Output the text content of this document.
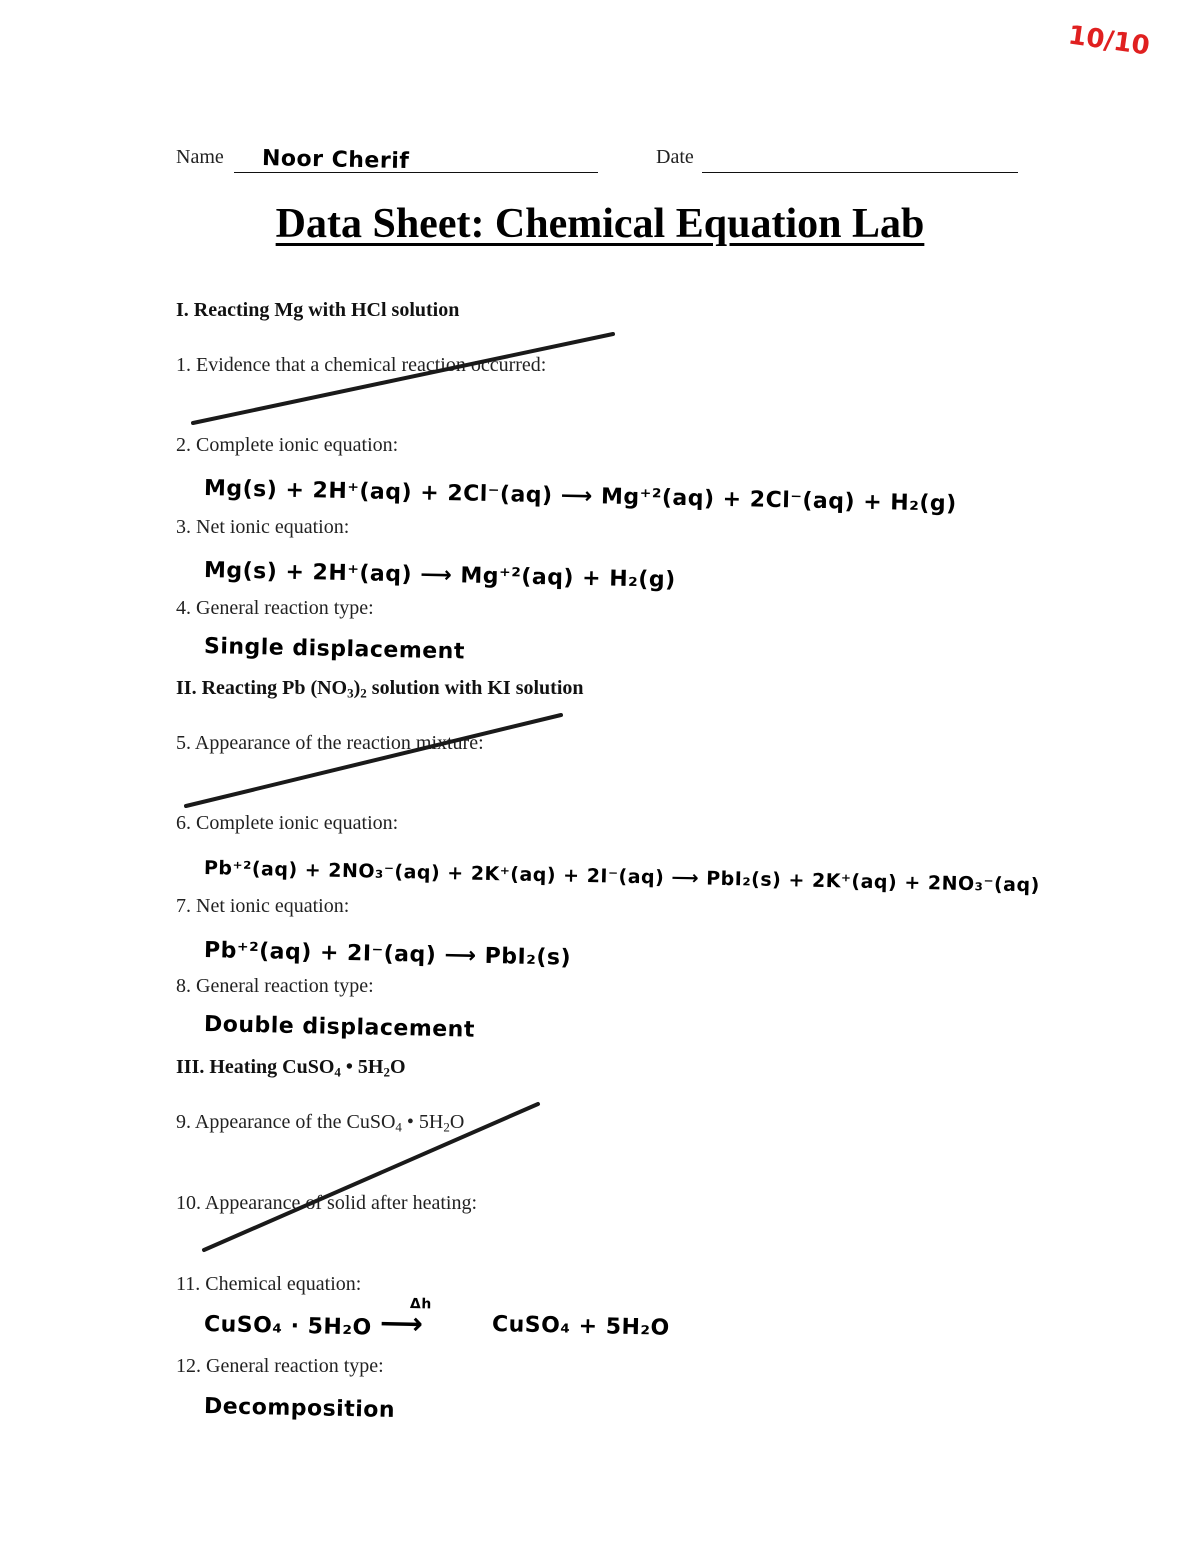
10/10
Name Noor Cherif	Date
Data Sheet: Chemical Equation Lab
I. Reacting Mg with HCl solution
1. Evidence that a chemical reaction occurred:
2. Complete ionic equation:
Mg(s) + 2H⁺(aq) + 2Cl⁻(aq) ⟶ Mg⁺²(aq) + 2Cl⁻(aq) + H₂(g)
3. Net ionic equation:
Mg(s) + 2H⁺(aq) ⟶ Mg⁺²(aq) + H₂(g)
4. General reaction type:
Single displacement
II. Reacting Pb $(NO_3)_2$ solution with KI solution
5. Appearance of the reaction mixture:
6. Complete ionic equation:
Pb⁺²(aq) + 2NO₃⁻(aq) + 2K⁺(aq) + 2I⁻(aq) ⟶ PbI₂(s) + 2K⁺(aq) + 2NO₃⁻(aq)
7. Net ionic equation:
Pb⁺²(aq) + 2I⁻(aq) ⟶ PbI₂(s)
8. General reaction type:
Double displacement
III. Heating CuSO$_4$ • $5H_2O$
9. Appearance of the CuSO$_4$ • $5H_2O$
10. Appearance of solid after heating:
11. Chemical equation:
CuSO₄ · 5H₂O
Δh
⟶	CuSO₄ + 5H₂O
12. General reaction type:
Decomposition
